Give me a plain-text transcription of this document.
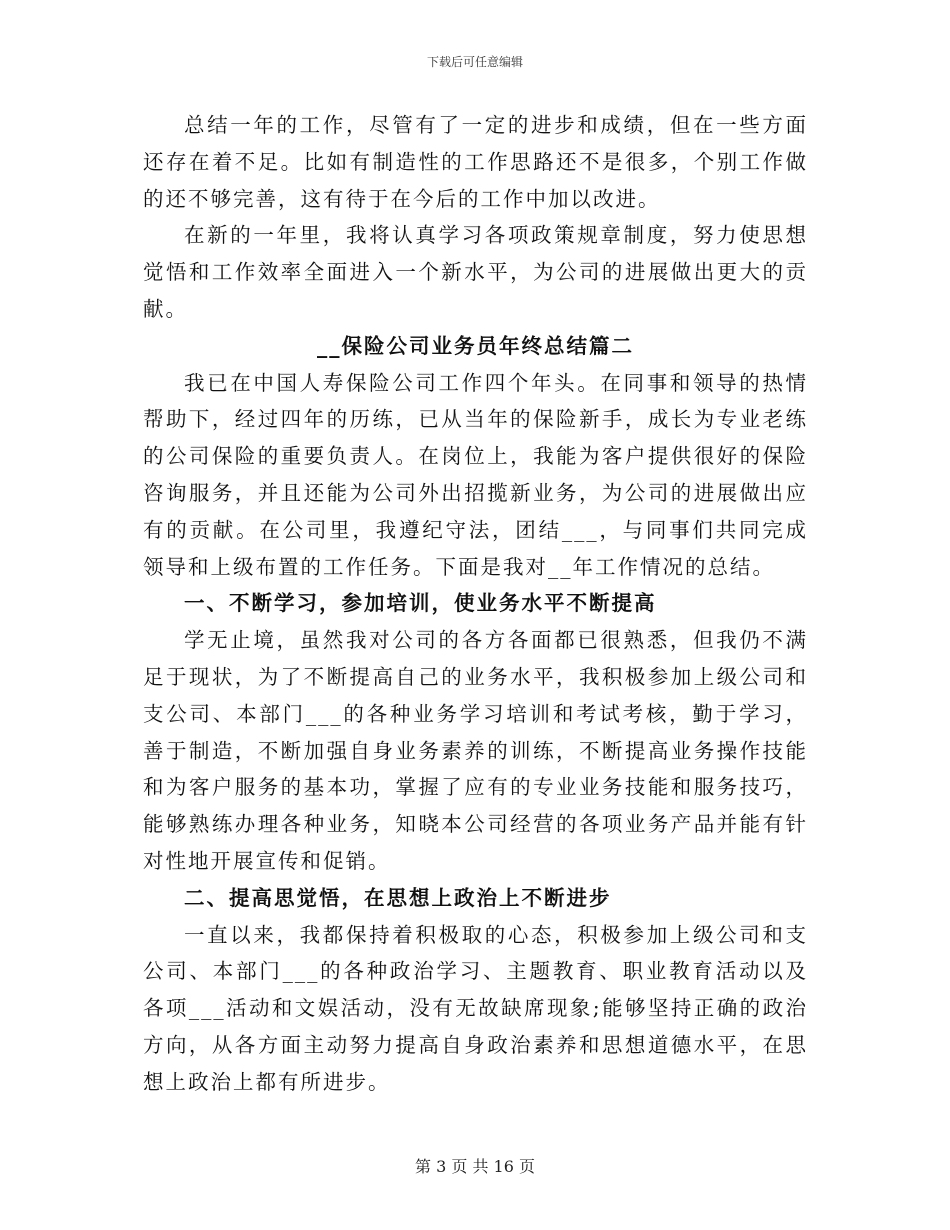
下载后可任意编辑

总结一年的工作，尽管有了一定的进步和成绩，但在一些方面还存在着不足。比如有制造性的工作思路还不是很多，个别工作做的还不够完善，这有待于在今后的工作中加以改进。

在新的一年里，我将认真学习各项政策规章制度，努力使思想觉悟和工作效率全面进入一个新水平，为公司的进展做出更大的贡献。

__保险公司业务员年终总结篇二

我已在中国人寿保险公司工作四个年头。在同事和领导的热情帮助下，经过四年的历练，已从当年的保险新手，成长为专业老练的公司保险的重要负责人。在岗位上，我能为客户提供很好的保险咨询服务，并且还能为公司外出招揽新业务，为公司的进展做出应有的贡献。在公司里，我遵纪守法，团结___，与同事们共同完成领导和上级布置的工作任务。下面是我对__年工作情况的总结。

一、不断学习，参加培训，使业务水平不断提高

学无止境，虽然我对公司的各方各面都已很熟悉，但我仍不满足于现状，为了不断提高自己的业务水平，我积极参加上级公司和支公司、本部门___的各种业务学习培训和考试考核，勤于学习，善于制造，不断加强自身业务素养的训练，不断提高业务操作技能和为客户服务的基本功，掌握了应有的专业业务技能和服务技巧，能够熟练办理各种业务，知晓本公司经营的各项业务产品并能有针对性地开展宣传和促销。

二、提高思觉悟，在思想上政治上不断进步

一直以来，我都保持着积极取的心态，积极参加上级公司和支公司、本部门___的各种政治学习、主题教育、职业教育活动以及各项___活动和文娱活动，没有无故缺席现象;能够坚持正确的政治方向，从各方面主动努力提高自身政治素养和思想道德水平，在思想上政治上都有所进步。

第 3 页 共 16 页
